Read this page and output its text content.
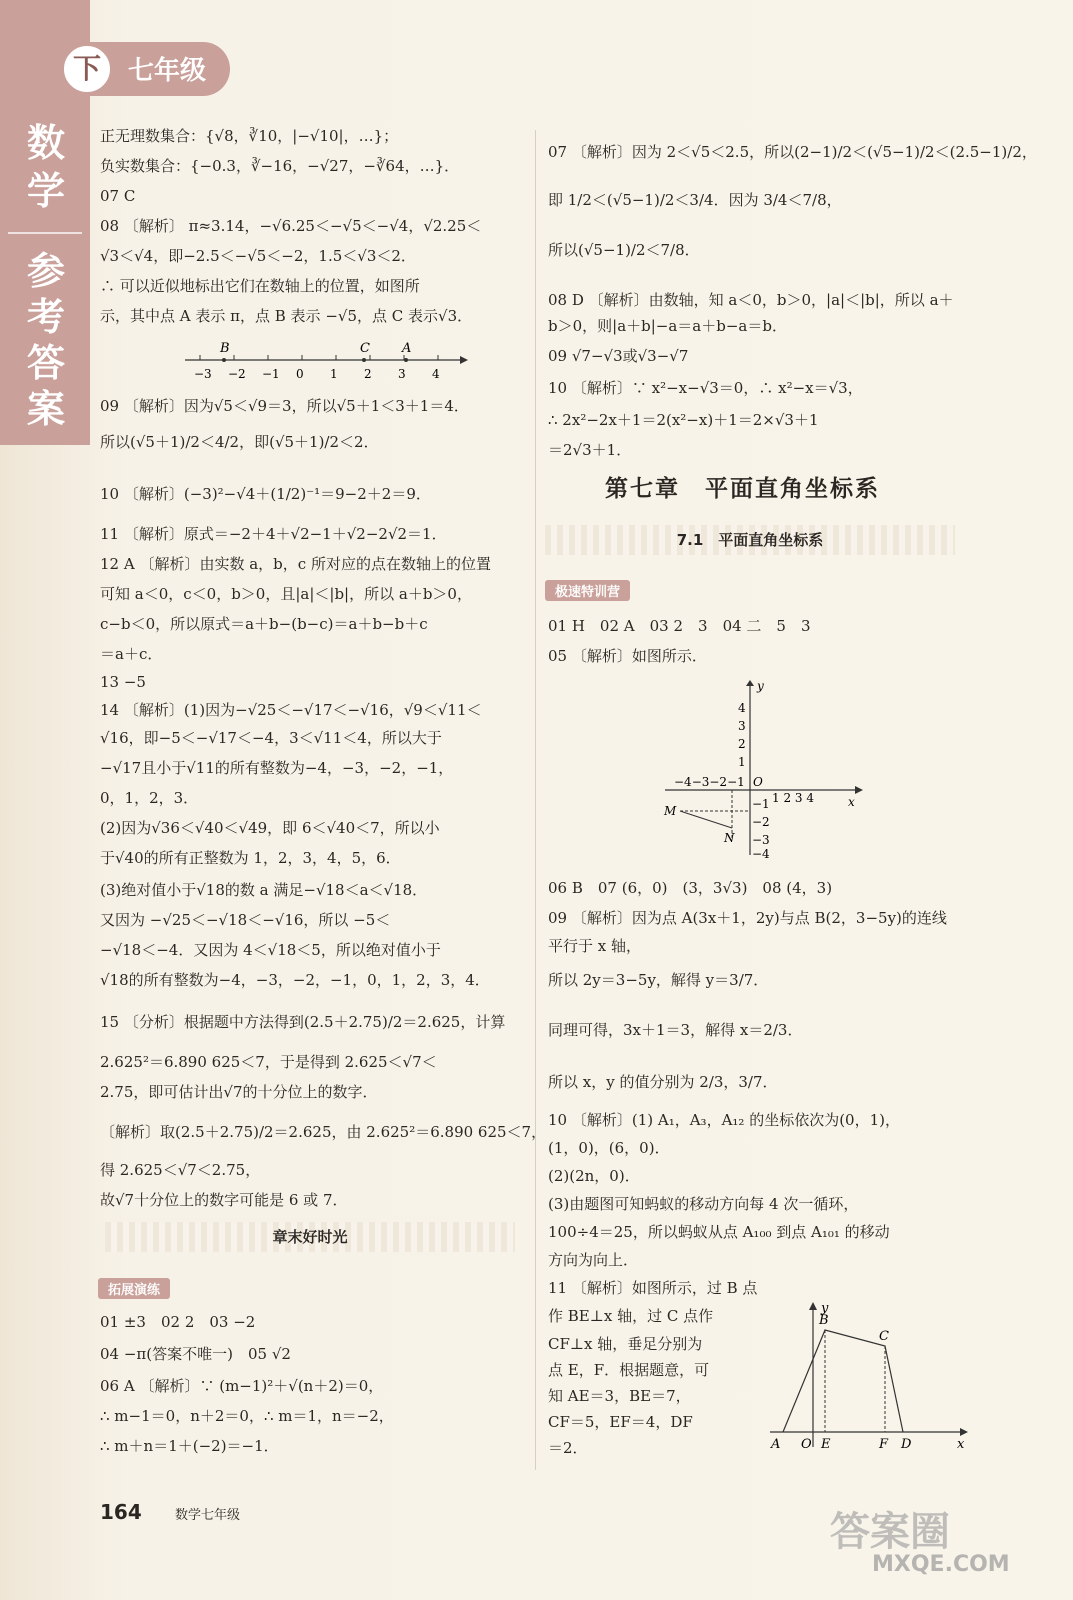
数
学
参
考
答
案
下	七年级
正无理数集合：{√8，∛10，|−√10|，…}；
负实数集合：{−0.3，∛−16，−√27，−∛64，…}．
07 C
08 〔解析〕 π≈3.14，−√6.25＜−√5＜−√4，√2.25＜
√3＜√4，即−2.5＜−√5＜−2，1.5＜√3＜2．
∴ 可以近似地标出它们在数轴上的位置，如图所
示，其中点 A 表示 π，点 B 表示 −√5，点 C 表示√3．
09 〔解析〕因为√5＜√9＝3，所以√5＋1＜3＋1＝4．
所以(√5＋1)/2＜4/2，即(√5＋1)/2＜2．
10 〔解析〕(−3)²−√4＋(1/2)⁻¹＝9−2＋2＝9．
11 〔解析〕原式＝−2＋4＋√2−1＋√2−2√2＝1．
12 A 〔解析〕由实数 a，b，c 所对应的点在数轴上的位置
可知 a＜0，c＜0，b＞0，且|a|＜|b|，所以 a＋b＞0，
c−b＜0，所以原式＝a＋b−(b−c)＝a＋b−b＋c
＝a＋c．
13 −5
14 〔解析〕(1)因为−√25＜−√17＜−√16，√9＜√11＜
√16，即−5＜−√17＜−4，3＜√11＜4，所以大于
−√17且小于√11的所有整数为−4，−3，−2，−1，
0，1，2，3．
(2)因为√36＜√40＜√49，即 6＜√40＜7，所以小
于√40的所有正整数为 1，2，3，4，5，6．
(3)绝对值小于√18的数 a 满足−√18＜a＜√18．
又因为 −√25＜−√18＜−√16，所以 −5＜
−√18＜−4．又因为 4＜√18＜5，所以绝对值小于
√18的所有整数为−4，−3，−2，−1，0，1，2，3，4．
15 〔分析〕根据题中方法得到(2.5＋2.75)/2＝2.625，计算
2.625²＝6.890 625＜7，于是得到 2.625＜√7＜
2.75，即可估计出√7的十分位上的数字．
〔解析〕取(2.5＋2.75)/2＝2.625，由 2.625²＝6.890 625＜7，
得 2.625＜√7＜2.75，
故√7十分位上的数字可能是 6 或 7．
−3 −2 −1 0 1 2 3 4
B	C A
章末好时光
拓展演练
01 ±3　02 2　03 −2
04 −π(答案不唯一)　05 √2
06 A 〔解析〕∵ (m−1)²＋√(n＋2)＝0，
∴ m−1＝0，n＋2＝0，∴ m＝1，n＝−2，
∴ m＋n＝1＋(−2)＝−1．
07 〔解析〕因为 2＜√5＜2.5，所以(2−1)/2＜(√5−1)/2＜(2.5−1)/2，
即 1/2＜(√5−1)/2＜3/4．因为 3/4＜7/8，
所以(√5−1)/2＜7/8．
08 D 〔解析〕由数轴，知 a＜0，b＞0，|a|＜|b|，所以 a＋
b＞0，则|a＋b|−a＝a＋b−a＝b．
09 √7−√3或√3−√7
10 〔解析〕∵ x²−x−√3＝0，∴ x²−x＝√3，
∴ 2x²−2x＋1＝2(x²−x)＋1＝2×√3＋1
＝2√3＋1．
第七章　平面直角坐标系
7.1　平面直角坐标系
极速特训营
01 H　02 A　03 2　3　04 二　5　3
05 〔解析〕如图所示．
y
x
O
−4−3−2−1
1 2 3 4
4
3
2
1
−1
−2
−3
−4
M
N
06 B　07 (6，0)　(3，3√3)　08 (4，3)
09 〔解析〕因为点 A(3x＋1，2y)与点 B(2，3−5y)的连线
平行于 x 轴，
所以 2y＝3−5y，解得 y＝3/7．
同理可得，3x＋1＝3，解得 x＝2/3．
所以 x，y 的值分别为 2/3，3/7．
10 〔解析〕(1) A₁，A₃，A₁₂ 的坐标依次为(0，1)，
(1，0)，(6，0)．
(2)(2n，0)．
(3)由题图可知蚂蚁的移动方向每 4 次一循环，
100÷4＝25，所以蚂蚁从点 A₁₀₀ 到点 A₁₀₁ 的移动
方向为向上．
11 〔解析〕如图所示，过 B 点
作 BE⊥x 轴，过 C 点作
CF⊥x 轴，垂足分别为
点 E，F．根据题意，可
知 AE＝3，BE＝7，
CF＝5，EF＝4，DF
＝2．
y
B
C
A O E	F D	x
164	数学七年级	答案圈
MXQE.COM
